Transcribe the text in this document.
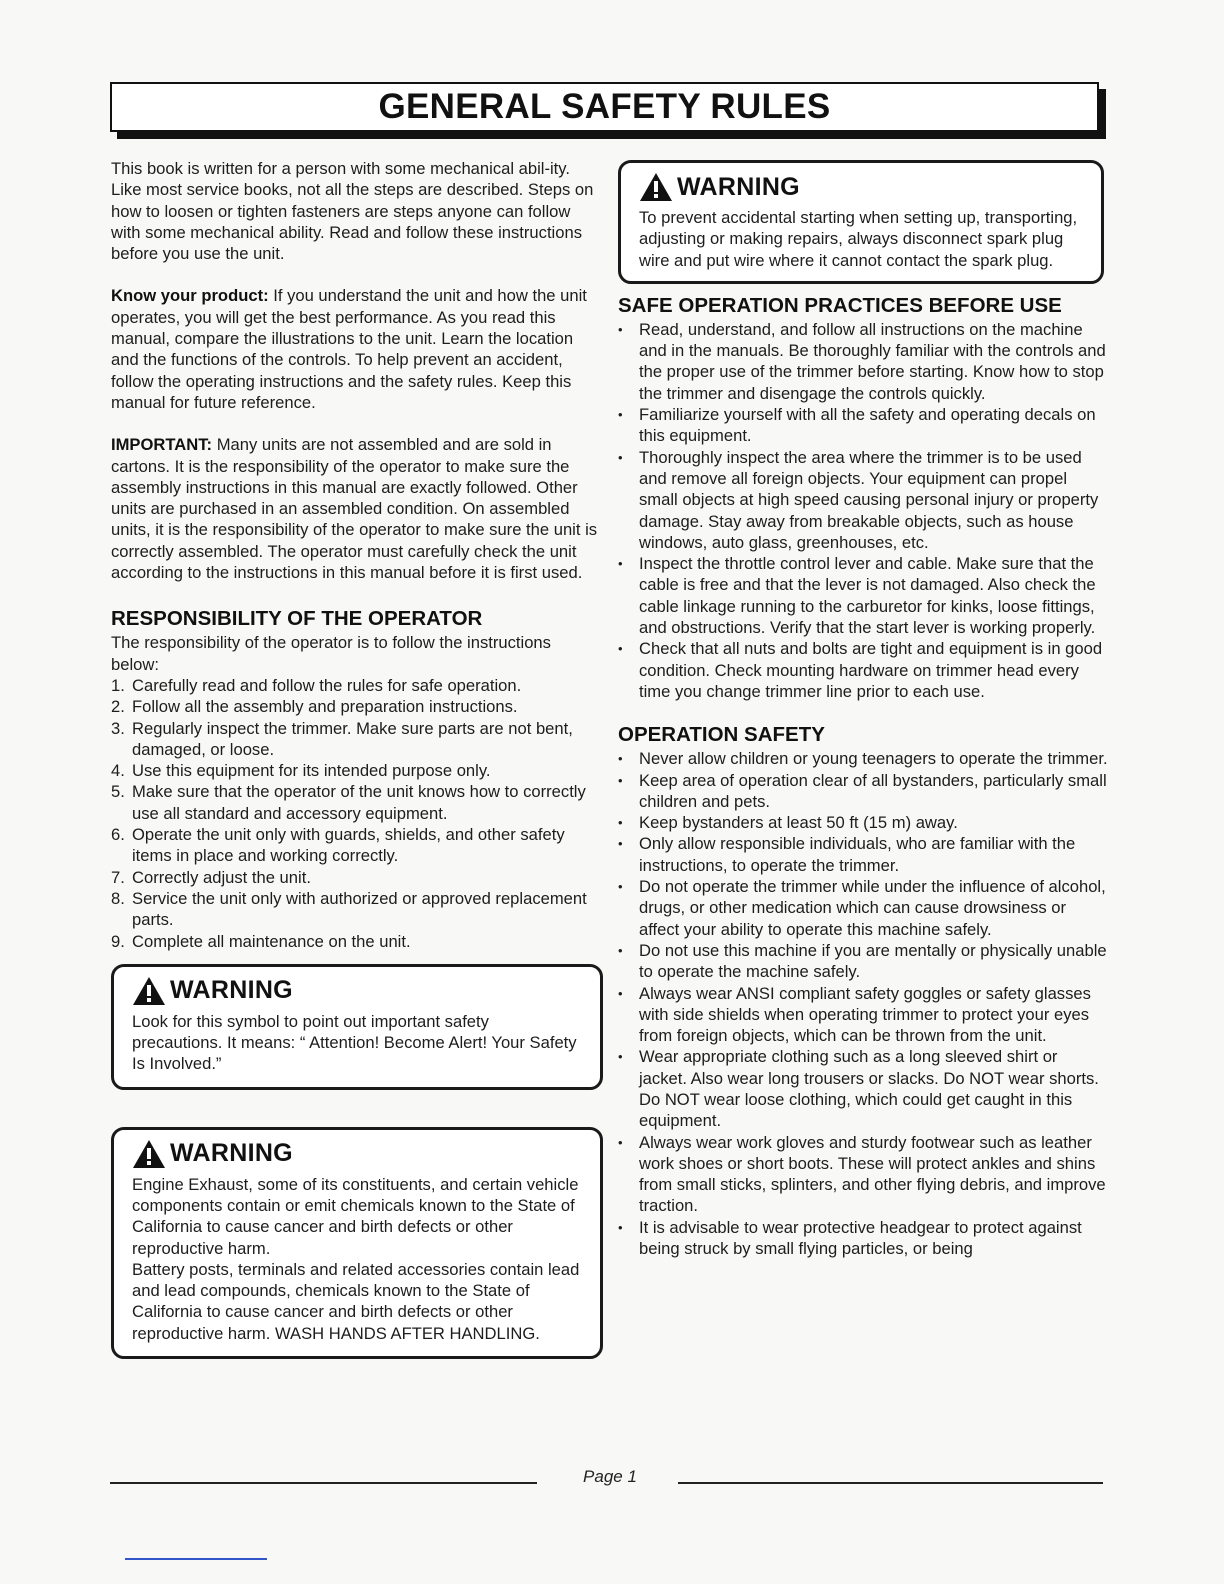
GENERAL SAFETY RULES

This book is written for a person with some mechanical abil-ity. Like most service books, not all the steps are described. Steps on how to loosen or tighten fasteners are steps anyone can follow with some mechanical ability. Read and follow these instructions before you use the unit.

Know your product: If you understand the unit and how the unit operates, you will get the best performance. As you read this manual, compare the illustrations to the unit. Learn the location and the functions of the controls. To help prevent an accident, follow the operating instructions and the safety rules. Keep this manual for future reference.

IMPORTANT: Many units are not assembled and are sold in cartons. It is the responsibility of the operator to make sure the assembly instructions in this manual are exactly followed. Other units are purchased in an assembled condition. On assembled units, it is the responsibility of the operator to make sure the unit is correctly assembled. The operator must carefully check the unit according to the instructions in this manual before it is first used.

RESPONSIBILITY OF THE OPERATOR

The responsibility of the operator is to follow the instructions below:

1. Carefully read and follow the rules for safe operation.
2. Follow all the assembly and preparation instructions.
3. Regularly inspect the trimmer. Make sure parts are not bent, damaged, or loose.
4. Use this equipment for its intended purpose only.
5. Make sure that the operator of the unit knows how to correctly use all standard and accessory equipment.
6. Operate the unit only with guards, shields, and other safety items in place and working correctly.
7. Correctly adjust the unit.
8. Service the unit only with authorized or approved replacement parts.
9. Complete all maintenance on the unit.
WARNING

Look for this symbol to point out important safety precautions. It means: “ Attention! Become Alert! Your Safety Is Involved.”

WARNING

Engine Exhaust, some of its constituents, and certain vehicle components contain or emit chemicals known to the State of California to cause cancer and birth defects or other reproductive harm.

Battery posts, terminals and related accessories contain lead and lead compounds, chemicals known to the State of California to cause cancer and birth defects or other reproductive harm. WASH HANDS AFTER HANDLING.

WARNING

To prevent accidental starting when setting up, transporting, adjusting or making repairs, always disconnect spark plug wire and put wire where it cannot contact the spark plug.

SAFE OPERATION PRACTICES BEFORE USE
• Read, understand, and follow all instructions on the machine and in the manuals. Be thoroughly familiar with the controls and the proper use of the trimmer before starting. Know how to stop the trimmer and disengage the controls quickly.
• Familiarize yourself with all the safety and operating decals on this equipment.
• Thoroughly inspect the area where the trimmer is to be used and remove all foreign objects. Your equipment can propel small objects at high speed causing personal injury or property damage. Stay away from breakable objects, such as house windows, auto glass, greenhouses, etc.
• Inspect the throttle control lever and cable. Make sure that the cable is free and that the lever is not damaged. Also check the cable linkage running to the carburetor for kinks, loose fittings, and obstructions. Verify that the start lever is working properly.
• Check that all nuts and bolts are tight and equipment is in good condition. Check mounting hardware on trimmer head every time you change trimmer line prior to each use.
OPERATION SAFETY
• Never allow children or young teenagers to operate the trimmer.
• Keep area of operation clear of all bystanders, particularly small children and pets.
• Keep bystanders at least 50 ft (15 m) away.
• Only allow responsible individuals, who are familiar with the instructions, to operate the trimmer.
• Do not operate the trimmer while under the influence of alcohol, drugs, or other medication which can cause drowsiness or affect your ability to operate this machine safely.
• Do not use this machine if you are mentally or physically unable to operate the machine safely.
• Always wear ANSI compliant safety goggles or safety glasses with side shields when operating trimmer to protect your eyes from foreign objects, which can be thrown from the unit.
• Wear appropriate clothing such as a long sleeved shirt or jacket. Also wear long trousers or slacks. Do NOT wear shorts. Do NOT wear loose clothing, which could get caught in this equipment.
• Always wear work gloves and sturdy footwear such as leather work shoes or short boots. These will protect ankles and shins from small sticks, splinters, and other flying debris, and improve traction.
• It is advisable to wear protective headgear to protect against being struck by small flying particles, or being
Page 1
